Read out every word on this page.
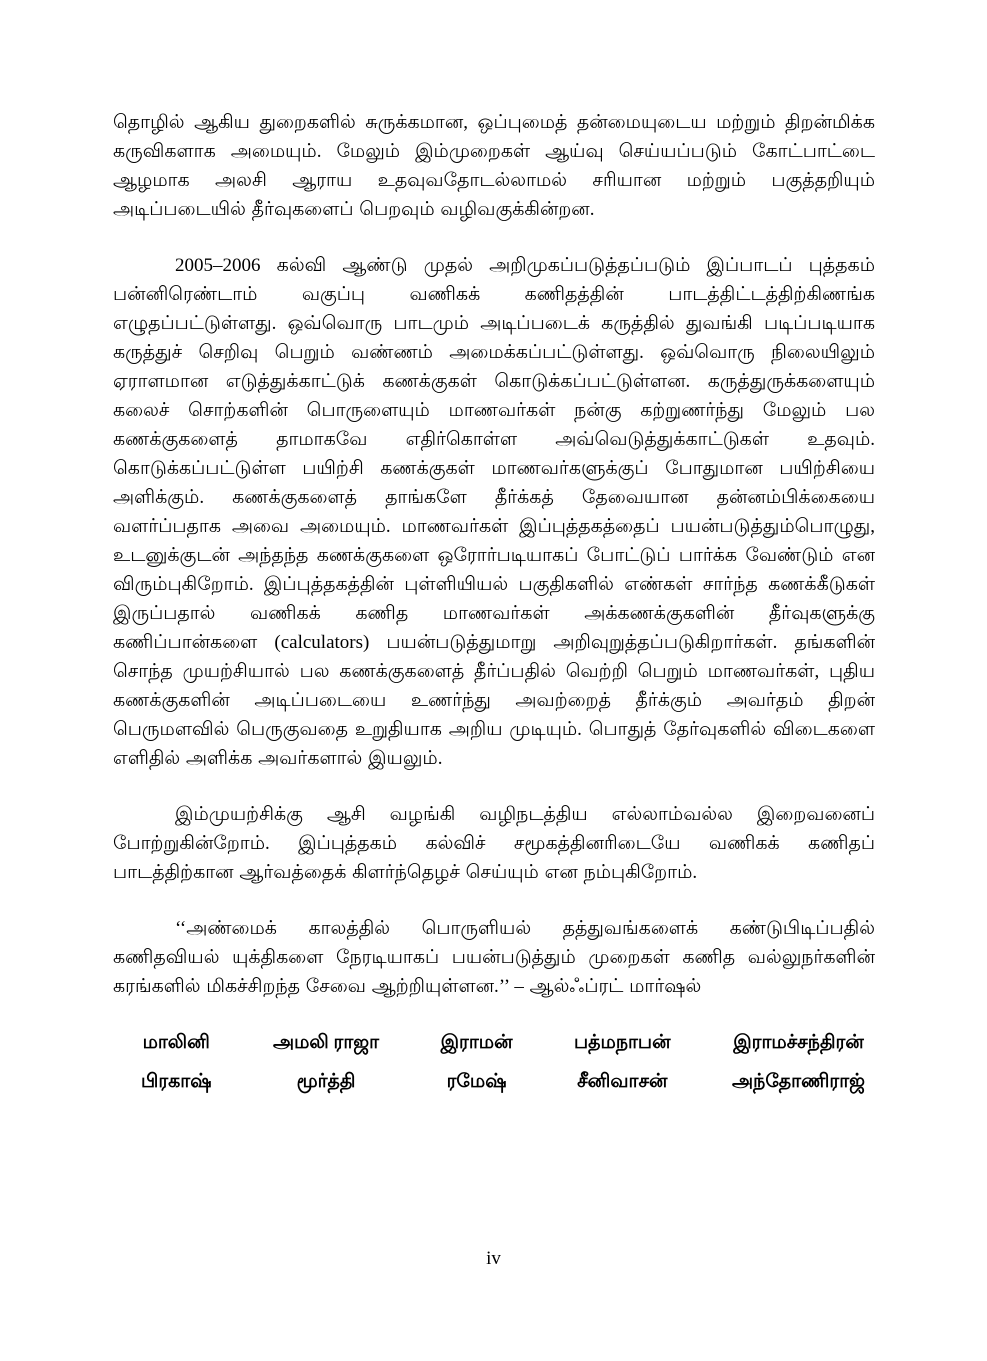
தொழில் ஆகிய துறைகளில் சுருக்கமான, ஒப்புமைத் தன்மையுடைய மற்றும் திறன்மிக்க கருவிகளாக அமையும். மேலும் இம்முறைகள் ஆய்வு செய்யப்படும் கோட்பாட்டை ஆழமாக அலசி ஆராய உதவுவதோடல்லாமல் சரியான மற்றும் பகுத்தறியும் அடிப்படையில் தீர்வுகளைப் பெறவும் வழிவகுக்கின்றன.

2005–2006 கல்வி ஆண்டு முதல் அறிமுகப்படுத்தப்படும் இப்பாடப் புத்தகம் பன்னிரெண்டாம் வகுப்பு வணிகக் கணிதத்தின் பாடத்திட்டத்திற்கிணங்க எழுதப்பட்டுள்ளது. ஒவ்வொரு பாடமும் அடிப்படைக் கருத்தில் துவங்கி படிப்படியாக கருத்துச் செறிவு பெறும் வண்ணம் அமைக்கப்பட்டுள்ளது. ஒவ்வொரு நிலையிலும் ஏராளமான எடுத்துக்காட்டுக் கணக்குகள் கொடுக்கப்பட்டுள்ளன. கருத்துருக்களையும் கலைச் சொற்களின் பொருளையும் மாணவர்கள் நன்கு கற்றுணர்ந்து மேலும் பல கணக்குகளைத் தாமாகவே எதிர்கொள்ள அவ்வெடுத்துக்காட்டுகள் உதவும். கொடுக்கப்பட்டுள்ள பயிற்சி கணக்குகள் மாணவர்களுக்குப் போதுமான பயிற்சியை அளிக்கும். கணக்குகளைத் தாங்களே தீர்க்கத் தேவையான தன்னம்பிக்கையை வளர்ப்பதாக அவை அமையும். மாணவர்கள் இப்புத்தகத்தைப் பயன்படுத்தும்பொழுது, உடனுக்குடன் அந்தந்த கணக்குகளை ஒரோர்படியாகப் போட்டுப் பார்க்க வேண்டும் என விரும்புகிறோம். இப்புத்தகத்தின் புள்ளியியல் பகுதிகளில் எண்கள் சார்ந்த கணக்கீடுகள் இருப்பதால் வணிகக் கணித மாணவர்கள் அக்கணக்குகளின் தீர்வுகளுக்கு கணிப்பான்களை (calculators) பயன்படுத்துமாறு அறிவுறுத்தப்படுகிறார்கள். தங்களின் சொந்த முயற்சியால் பல கணக்குகளைத் தீர்ப்பதில் வெற்றி பெறும் மாணவர்கள், புதிய கணக்குகளின் அடிப்படையை உணர்ந்து அவற்றைத் தீர்க்கும் அவர்தம் திறன் பெருமளவில் பெருகுவதை உறுதியாக அறிய முடியும். பொதுத் தேர்வுகளில் விடைகளை எளிதில் அளிக்க அவர்களால் இயலும்.

இம்முயற்சிக்கு ஆசி வழங்கி வழிநடத்திய எல்லாம்வல்ல இறைவனைப் போற்றுகின்றோம். இப்புத்தகம் கல்விச் சமூகத்தினரிடையே வணிகக் கணிதப் பாடத்திற்கான ஆர்வத்தைக் கிளர்ந்தெழச் செய்யும் என நம்புகிறோம்.

‘‘அண்மைக் காலத்தில் பொருளியல் தத்துவங்களைக் கண்டுபிடிப்பதில் கணிதவியல் யுக்திகளை நேரடியாகப் பயன்படுத்தும் முறைகள் கணித வல்லுநர்களின் கரங்களில் மிகச்சிறந்த சேவை ஆற்றியுள்ளன.’’ – ஆல்ஃப்ரட் மார்ஷல்

மாலினி
பிரகாஷ்
அமலி ராஜா
மூர்த்தி
இராமன்
ரமேஷ்
பத்மநாபன்
சீனிவாசன்
இராமச்சந்திரன்
அந்தோணிராஜ்
iv
